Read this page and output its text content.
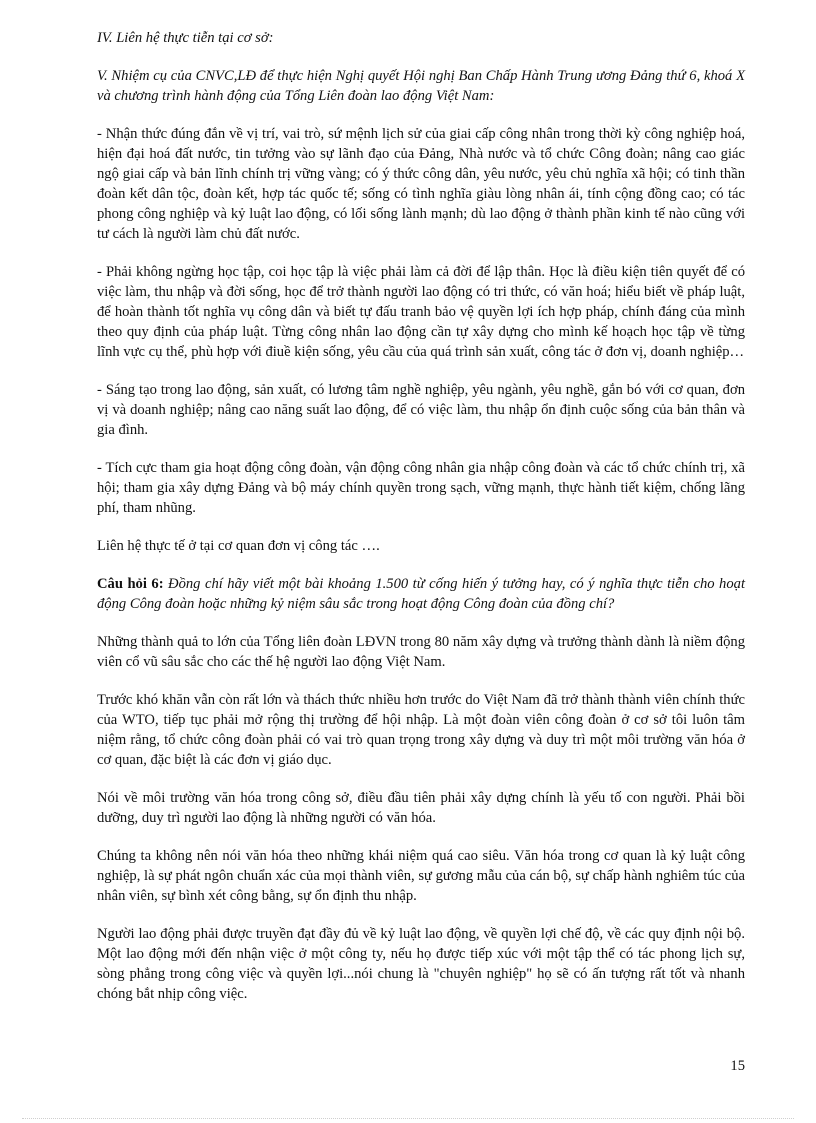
IV. Liên hệ thực tiễn tại cơ sở:

V. Nhiệm cụ của CNVC,LĐ để thực hiện Nghị quyết Hội nghị Ban Chấp Hành Trung ương Đảng thứ 6, khoá X và chương trình hành động của Tổng Liên đoàn lao động Việt Nam:

- Nhận thức đúng đắn về vị trí, vai trò, sứ mệnh lịch sử của giai cấp công nhân trong thời kỳ công nghiệp hoá, hiện đại hoá đất nước, tin tưởng vào sự lãnh đạo của Đảng, Nhà nước và tổ chức Công đoàn; nâng cao giác ngộ giai cấp và bản lĩnh chính trị vững vàng; có ý thức công dân, yêu nước, yêu chủ nghĩa xã hội; có tinh thần đoàn kết dân tộc, đoàn kết, hợp tác quốc tế; sống có tình nghĩa giàu lòng nhân ái, tính cộng đồng cao; có tác phong công nghiệp và kỷ luật lao động, có lối sống lành mạnh; dù lao động ở thành phần kinh tế nào cũng với tư cách là người làm chủ đất nước.

- Phải không ngừng học tập, coi học tập là việc phải làm cả đời để lập thân. Học là điều kiện tiên quyết để có việc làm, thu nhập và đời sống, học để trở thành người lao động có tri thức, có văn hoá; hiểu biết về pháp luật, để hoàn thành tốt nghĩa vụ công dân và biết tự đấu tranh bảo vệ quyền lợi ích hợp pháp, chính đáng của mình theo quy định của pháp luật. Từng công nhân lao động cần tự xây dựng cho mình kế hoạch học tập về từng lĩnh vực cụ thể, phù hợp với điuề kiện sống, yêu cầu của quá trình sản xuất, công tác ở đơn vị, doanh nghiệp…

- Sáng tạo trong lao động, sản xuất, có lương tâm nghề nghiệp, yêu ngành, yêu nghề, gắn bó với cơ quan, đơn vị và doanh nghiệp; nâng cao năng suất lao động, để có việc làm, thu nhập ổn định cuộc sống của bản thân và gia đình.

- Tích cực tham gia hoạt động công đoàn, vận động công nhân gia nhập công đoàn và các tổ chức chính trị, xã hội; tham gia xây dựng Đảng và bộ máy chính quyền trong sạch, vững mạnh, thực hành tiết kiệm, chống lãng phí, tham nhũng.

Liên hệ thực tế ở tại cơ quan đơn vị công tác ….

Câu hỏi 6: Đồng chí hãy viết một bài khoảng 1.500 từ cống hiến ý tưởng hay, có ý nghĩa thực tiễn cho hoạt động Công đoàn hoặc những kỷ niệm sâu sắc trong hoạt động Công đoàn của đồng chí?

Những thành quả to lớn của Tổng liên đoàn LĐVN trong 80 năm xây dựng và trưởng thành dành là niềm động viên cổ vũ sâu sắc cho các thế hệ người lao động Việt Nam.

Trước khó khăn vẫn còn rất lớn và thách thức nhiều hơn trước do Việt Nam đã trở thành thành viên chính thức của WTO, tiếp tục phải mở rộng thị trường để hội nhập. Là một đoàn viên công đoàn ở cơ sở tôi luôn tâm niệm rằng, tổ chức công đoàn phải có vai trò quan trọng trong xây dựng và duy trì một môi trường văn hóa ở cơ quan, đặc biệt là các đơn vị giáo dục.

Nói về môi trường văn hóa trong công sở, điều đầu tiên phải xây dựng chính là yếu tố con người. Phải bồi dưỡng, duy trì người lao động là những người có văn hóa.

Chúng ta không nên nói văn hóa theo những khái niệm quá cao siêu. Văn hóa trong cơ quan là kỷ luật công nghiệp, là sự phát ngôn chuẩn xác của mọi thành viên, sự gương mẫu của cán bộ, sự chấp hành nghiêm túc của nhân viên, sự bình xét công bằng, sự ổn định thu nhập.

Người lao động phải được truyền đạt đầy đủ về kỷ luật lao động, về quyền lợi chế độ, về các quy định nội bộ. Một lao động mới đến nhận việc ở một công ty, nếu họ được tiếp xúc với một tập thể có tác phong lịch sự, sòng phẳng trong công việc và quyền lợi...nói chung là "chuyên nghiệp" họ sẽ có ấn tượng rất tốt và nhanh chóng bắt nhịp công việc.

15
